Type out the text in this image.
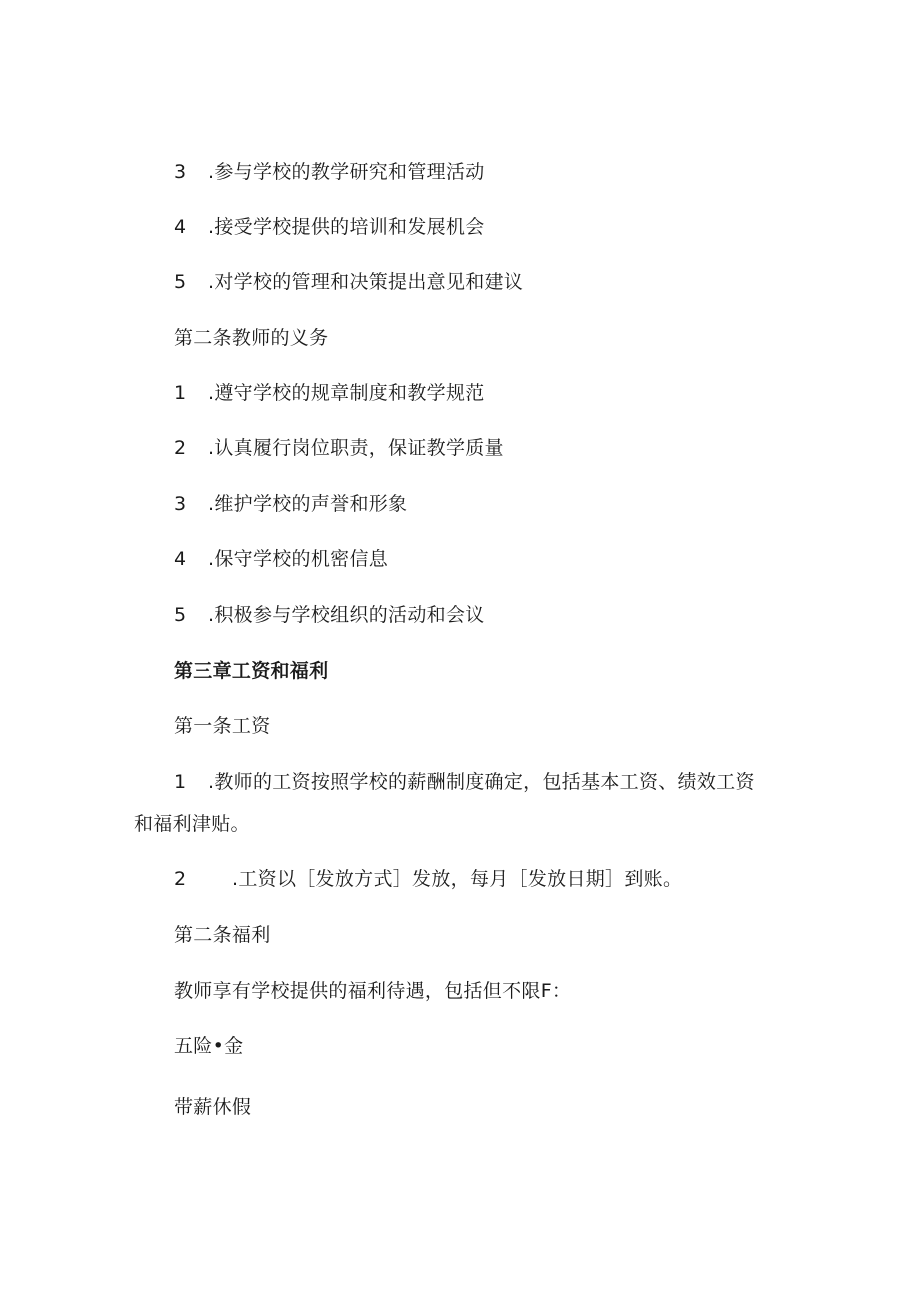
3 .参与学校的教学研究和管理活动
4 .接受学校提供的培训和发展机会
5 .对学校的管理和决策提出意见和建议
第二条教师的义务
1 .遵守学校的规章制度和教学规范
2 .认真履行岗位职责，保证教学质量
3 .维护学校的声誉和形象
4 .保守学校的机密信息
5 .积极参与学校组织的活动和会议
第三章工资和福利
第一条工资
1 .教师的工资按照学校的薪酬制度确定，包括基本工资、绩效工资
和福利津贴。
2 .工资以［发放方式］发放，每月［发放日期］到账。
第二条福利
教师享有学校提供的福利待遇，包括但不限F：
五险•金
带薪休假
